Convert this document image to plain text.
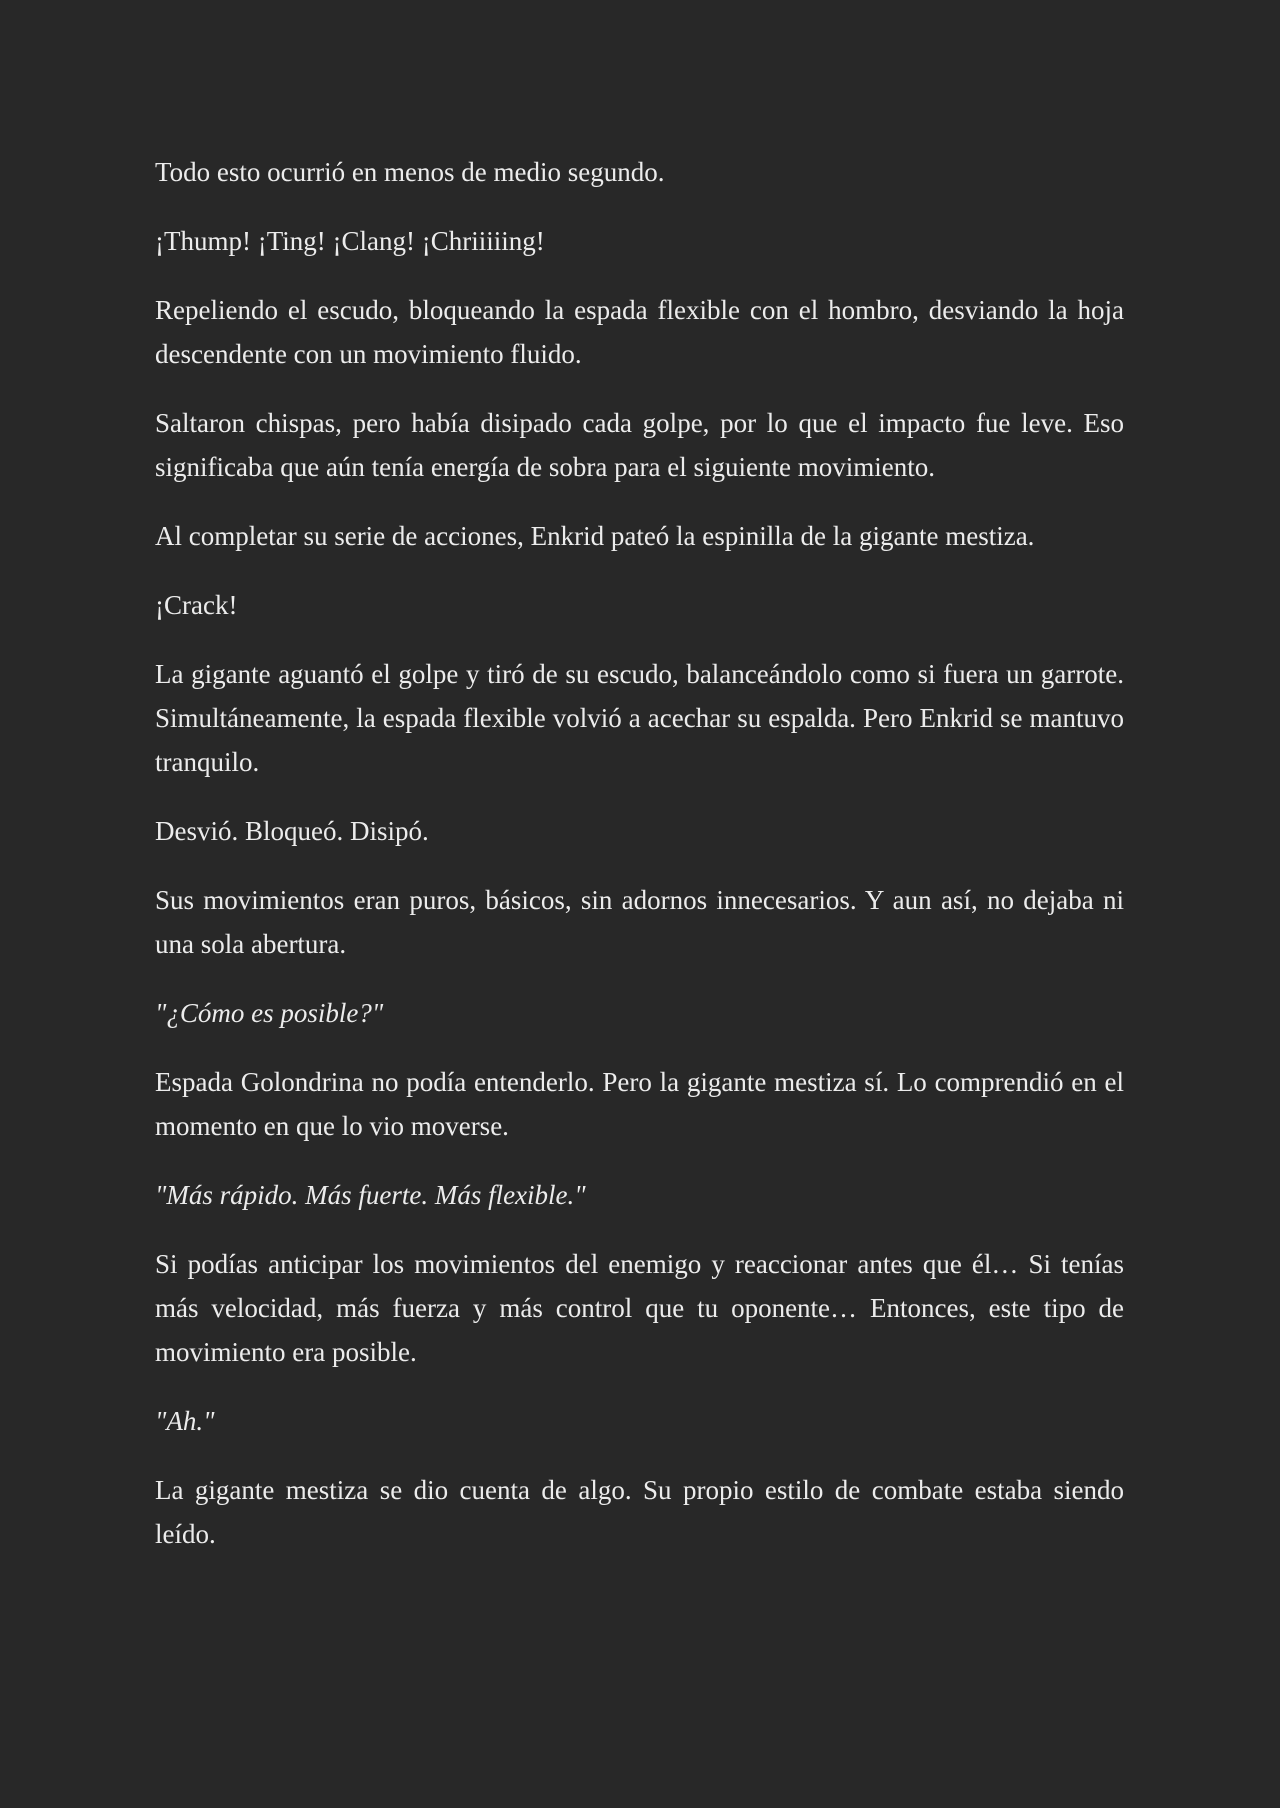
Todo esto ocurrió en menos de medio segundo.

¡Thump! ¡Ting! ¡Clang! ¡Chriiiiing!

Repeliendo el escudo, bloqueando la espada flexible con el hombro, desviando la hoja descendente con un movimiento fluido.

Saltaron chispas, pero había disipado cada golpe, por lo que el impacto fue leve. Eso significaba que aún tenía energía de sobra para el siguiente movimiento.

Al completar su serie de acciones, Enkrid pateó la espinilla de la gigante mestiza.

¡Crack!

La gigante aguantó el golpe y tiró de su escudo, balanceándolo como si fuera un garrote. Simultáneamente, la espada flexible volvió a acechar su espalda. Pero Enkrid se mantuvo tranquilo.

Desvió. Bloqueó. Disipó.

Sus movimientos eran puros, básicos, sin adornos innecesarios. Y aun así, no dejaba ni una sola abertura.

"¿Cómo es posible?"

Espada Golondrina no podía entenderlo. Pero la gigante mestiza sí. Lo comprendió en el momento en que lo vio moverse.

"Más rápido. Más fuerte. Más flexible."

Si podías anticipar los movimientos del enemigo y reaccionar antes que él… Si tenías más velocidad, más fuerza y más control que tu oponente… Entonces, este tipo de movimiento era posible.

"Ah."

La gigante mestiza se dio cuenta de algo. Su propio estilo de combate estaba siendo leído.
